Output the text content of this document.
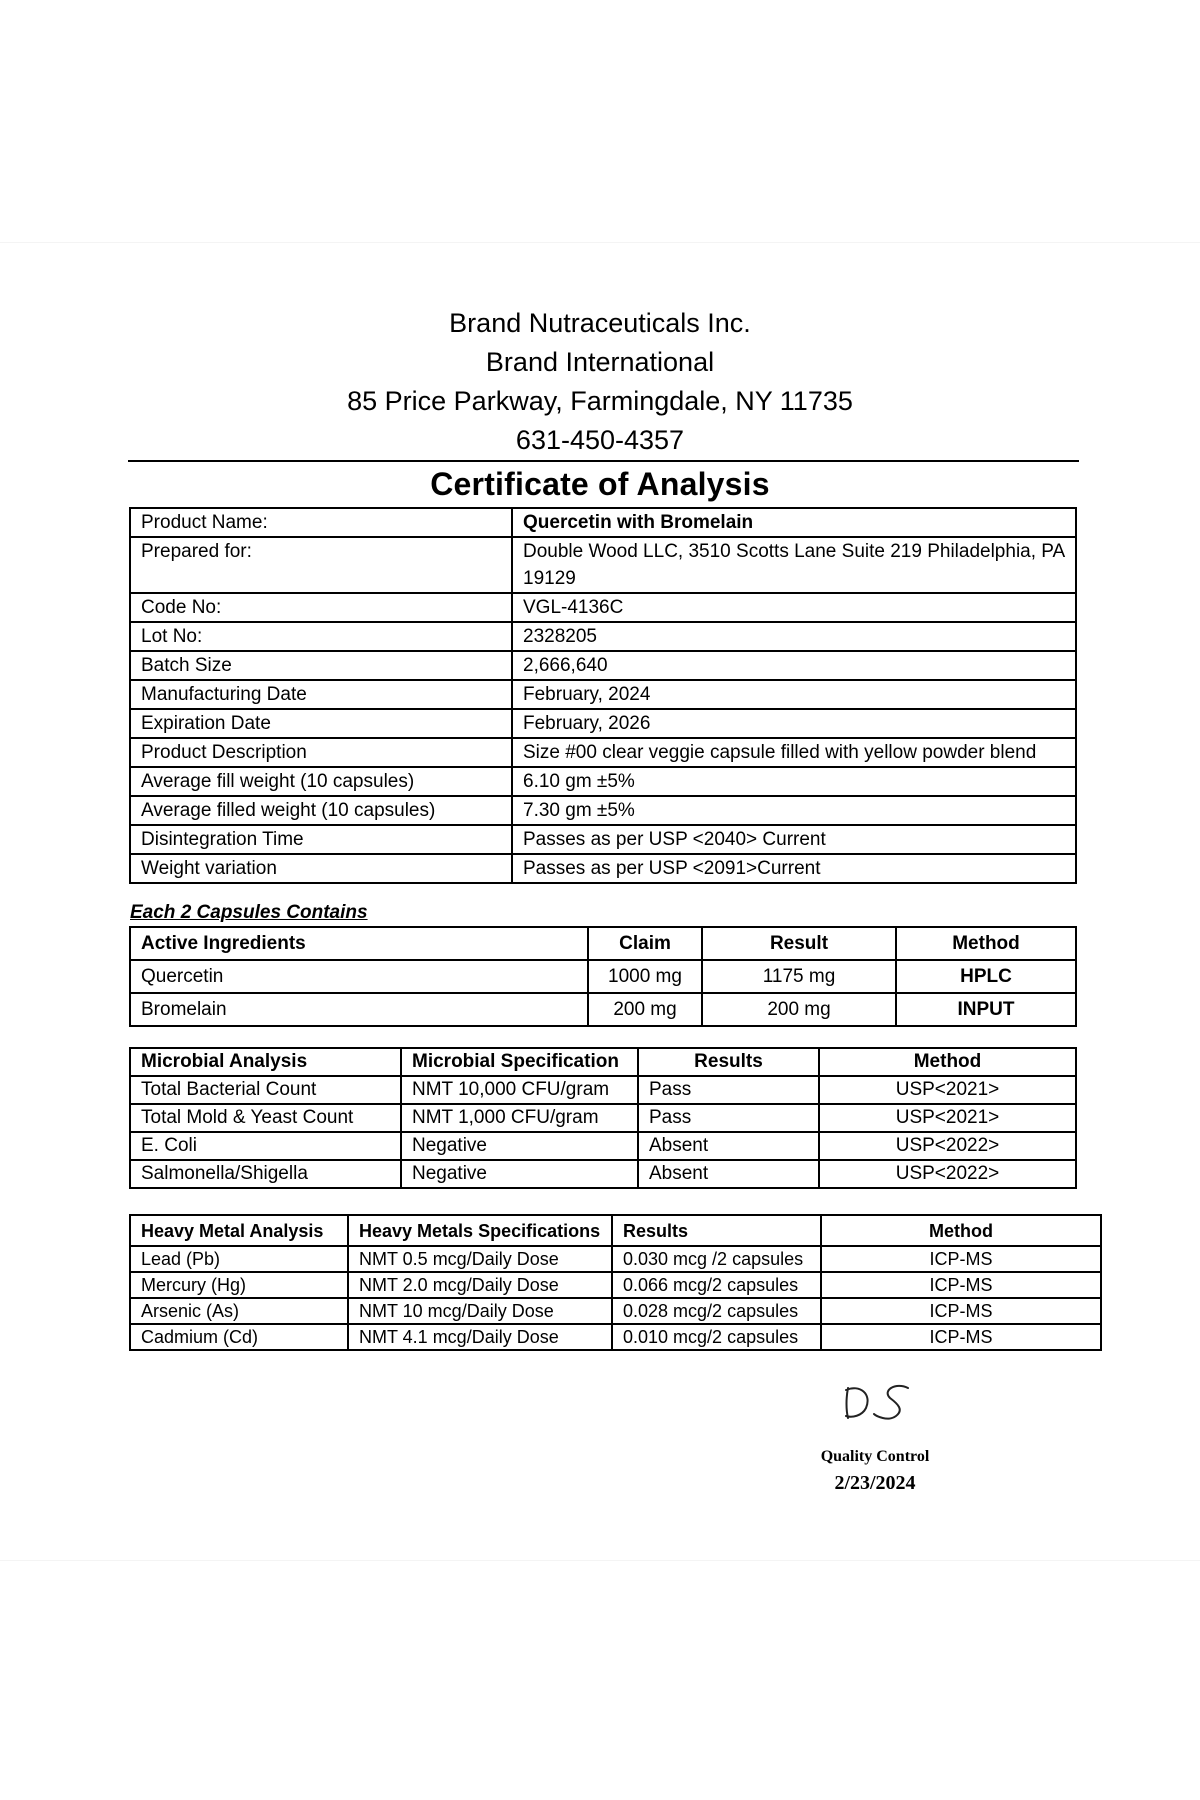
Brand Nutraceuticals Inc.
Brand International
85 Price Parkway, Farmingdale, NY 11735
631-450-4357
Certificate of Analysis
Product Name:	Quercetin with Bromelain
Prepared for:	Double Wood LLC, 3510 Scotts Lane Suite 219 Philadelphia, PA 19129
Code No:	VGL-4136C
Lot No:	2328205
Batch Size	2,666,640
Manufacturing Date	February, 2024
Expiration Date	February, 2026
Product Description	Size #00 clear veggie capsule filled with yellow powder blend
Average fill weight (10 capsules)	6.10 gm ±5%
Average filled weight (10 capsules)	7.30 gm ±5%
Disintegration Time	Passes as per USP <2040> Current
Weight variation	Passes as per USP <2091>Current
Each 2 Capsules Contains
Active Ingredients	Claim	Result	Method
Quercetin	1000 mg	1175 mg	HPLC
Bromelain	200 mg	200 mg	INPUT
Microbial Analysis	Microbial Specification	Results	Method
Total Bacterial Count	NMT 10,000 CFU/gram	Pass	USP<2021>
Total Mold & Yeast Count	NMT 1,000 CFU/gram	Pass	USP<2021>
E. Coli	Negative	Absent	USP<2022>
Salmonella/Shigella	Negative	Absent	USP<2022>
Heavy Metal Analysis	Heavy Metals Specifications	Results	Method
Lead (Pb)	NMT 0.5 mcg/Daily Dose	0.030 mcg /2 capsules	ICP-MS
Mercury (Hg)	NMT 2.0 mcg/Daily Dose	0.066 mcg/2 capsules	ICP-MS
Arsenic (As)	NMT 10 mcg/Daily Dose	0.028 mcg/2 capsules	ICP-MS
Cadmium (Cd)	NMT 4.1 mcg/Daily Dose	0.010 mcg/2 capsules	ICP-MS
Quality Control
2/23/2024
